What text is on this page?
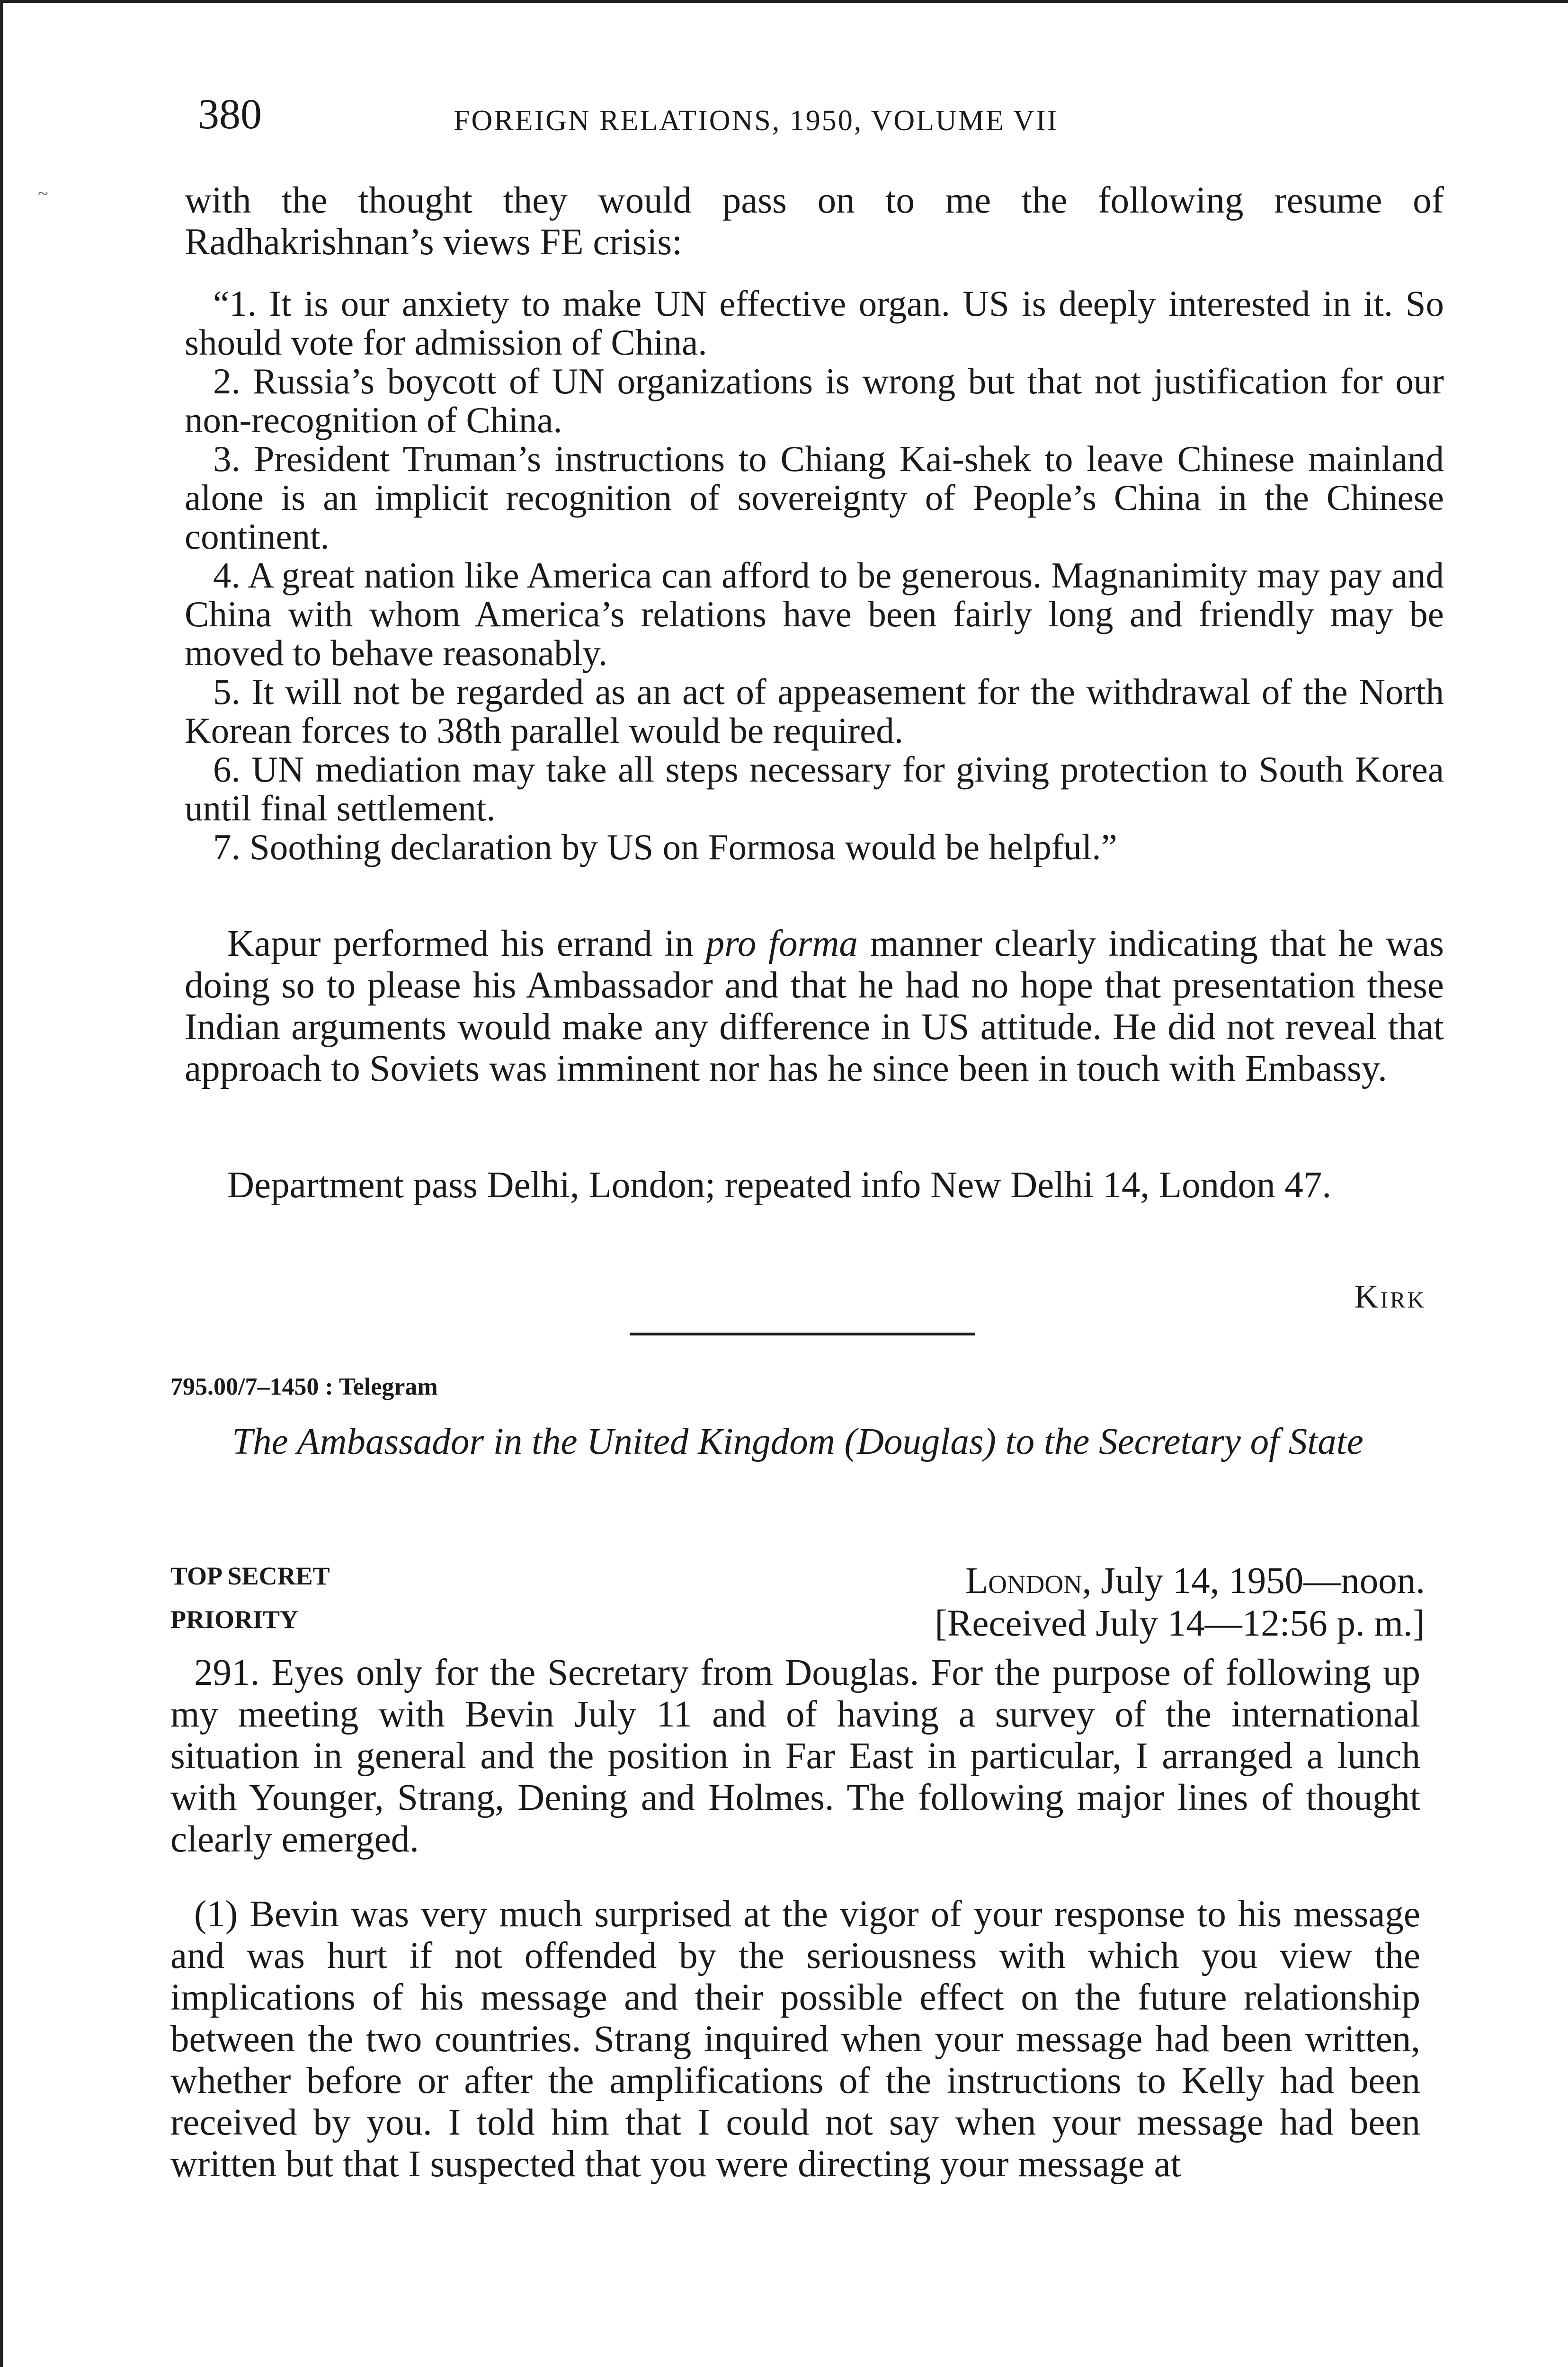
~
380	FOREIGN RELATIONS, 1950, VOLUME VII

with the thought they would pass on to me the following resume of Radhakrishnan’s views FE crisis:

“1. It is our anxiety to make UN effective organ. US is deeply interested in it. So should vote for admission of China.

2. Russia’s boycott of UN organizations is wrong but that not justification for our non-recognition of China.

3. President Truman’s instructions to Chiang Kai-shek to leave Chinese mainland alone is an implicit recognition of sovereignty of People’s China in the Chinese continent.

4. A great nation like America can afford to be generous. Magnanimity may pay and China with whom America’s relations have been fairly long and friendly may be moved to behave reasonably.

5. It will not be regarded as an act of appeasement for the withdrawal of the North Korean forces to 38th parallel would be required.

6. UN mediation may take all steps necessary for giving protection to South Korea until final settlement.

7. Soothing declaration by US on Formosa would be helpful.”

Kapur performed his errand in pro forma manner clearly indicating that he was doing so to please his Ambassador and that he had no hope that presentation these Indian arguments would make any difference in US attitude. He did not reveal that approach to Soviets was imminent nor has he since been in touch with Embassy.

Department pass Delhi, London; repeated info New Delhi 14, London 47.

Kirk
795.00/7–1450 : Telegram
The Ambassador in the United Kingdom (Douglas) to the Secretary of State
TOP SECRET
PRIORITY
London, July 14, 1950—noon.
[Received July 14—12:56 p. m.]

291. Eyes only for the Secretary from Douglas. For the purpose of following up my meeting with Bevin July 11 and of having a survey of the international situation in general and the position in Far East in particular, I arranged a lunch with Younger, Strang, Dening and Holmes. The following major lines of thought clearly emerged.

(1) Bevin was very much surprised at the vigor of your response to his message and was hurt if not offended by the seriousness with which you view the implications of his message and their possible effect on the future relationship between the two countries. Strang inquired when your message had been written, whether before or after the amplifications of the instructions to Kelly had been received by you. I told him that I could not say when your message had been written but that I suspected that you were directing your message at
